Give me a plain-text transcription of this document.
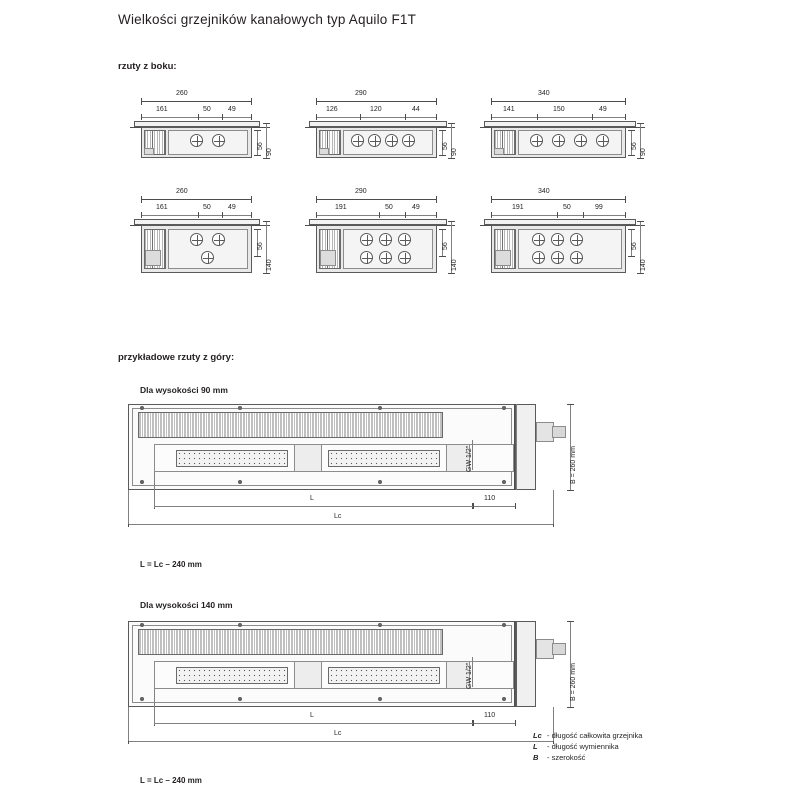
Wielkości grzejników kanałowych typ Aquilo F1T
rzuty z boku:
260
161	50 49
56
90
290
126	120	44
56
90
340
141	150	49
56
90
260
161	50 49
56
140
290
191	50	49
56
140
340
191	50	99
56
140
przykładowe rzuty z góry:
Dla wysokości 90 mm
GW 1/2"	B = 260 mm
110
L
Lc
L = Lc – 240 mm
Dla wysokości 140 mm
GW 1/2"	B = 260 mm
110
L
Lc
L = Lc – 240 mm
Lc - długość całkowita grzejnika
L - długość wymiennika
B - szerokość
